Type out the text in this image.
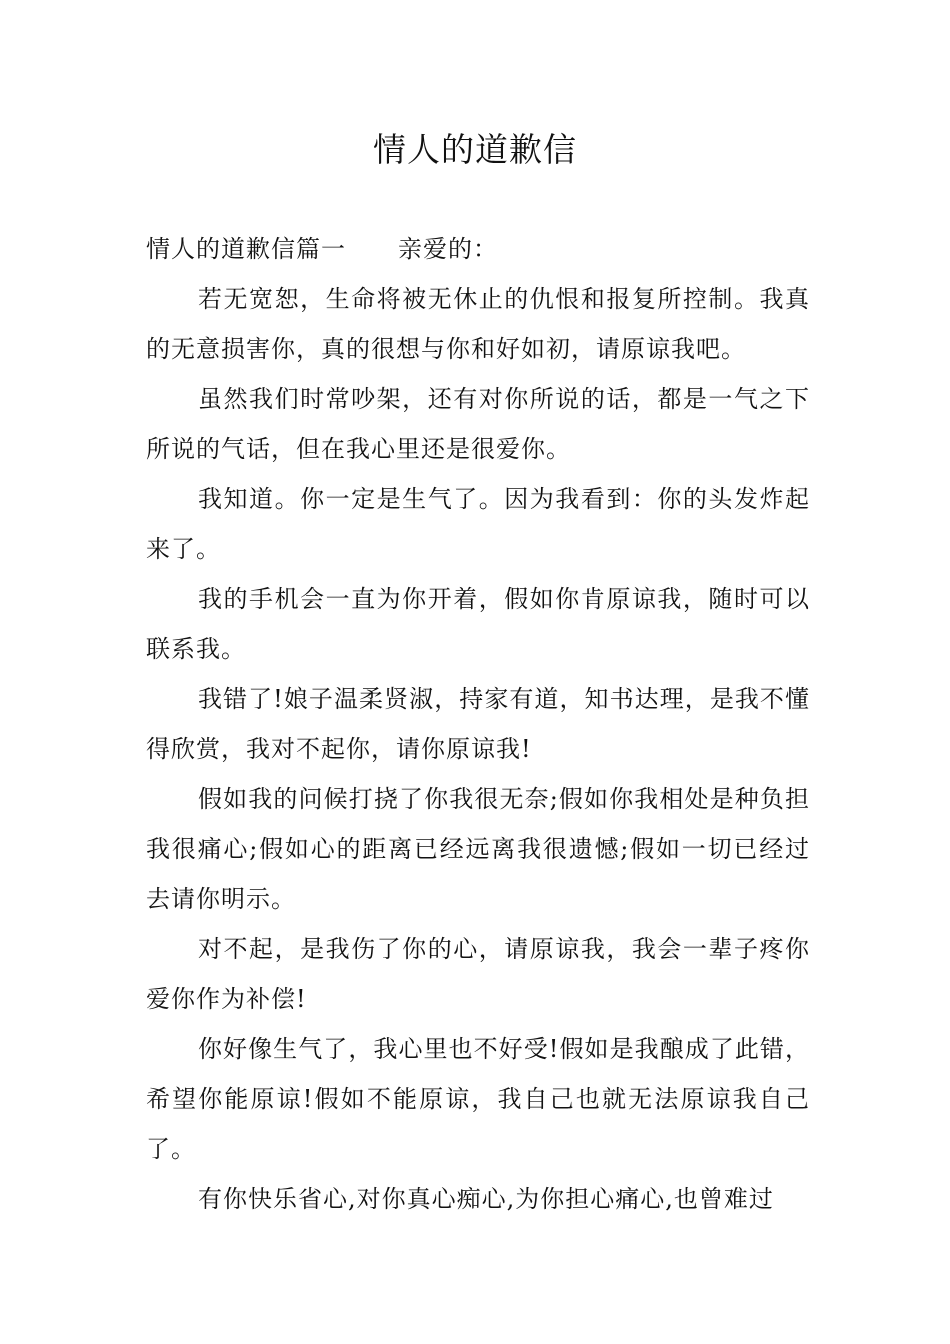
情人的道歉信

情人的道歉信篇一 亲爱的：

若无宽恕，生命将被无休止的仇恨和报复所控制。我真的无意损害你，真的很想与你和好如初，请原谅我吧。

虽然我们时常吵架，还有对你所说的话，都是一气之下所说的气话，但在我心里还是很爱你。

我知道。你一定是生气了。因为我看到：你的头发炸起来了。

我的手机会一直为你开着，假如你肯原谅我，随时可以联系我。

我错了!娘子温柔贤淑，持家有道，知书达理，是我不懂得欣赏，我对不起你，请你原谅我!

假如我的问候打挠了你我很无奈;假如你我相处是种负担我很痛心;假如心的距离已经远离我很遗憾;假如一切已经过去请你明示。

对不起，是我伤了你的心，请原谅我，我会一辈子疼你爱你作为补偿!

你好像生气了，我心里也不好受!假如是我酿成了此错，希望你能原谅!假如不能原谅，我自己也就无法原谅我自己了。

有你快乐省心,对你真心痴心,为你担心痛心,也曾难过
